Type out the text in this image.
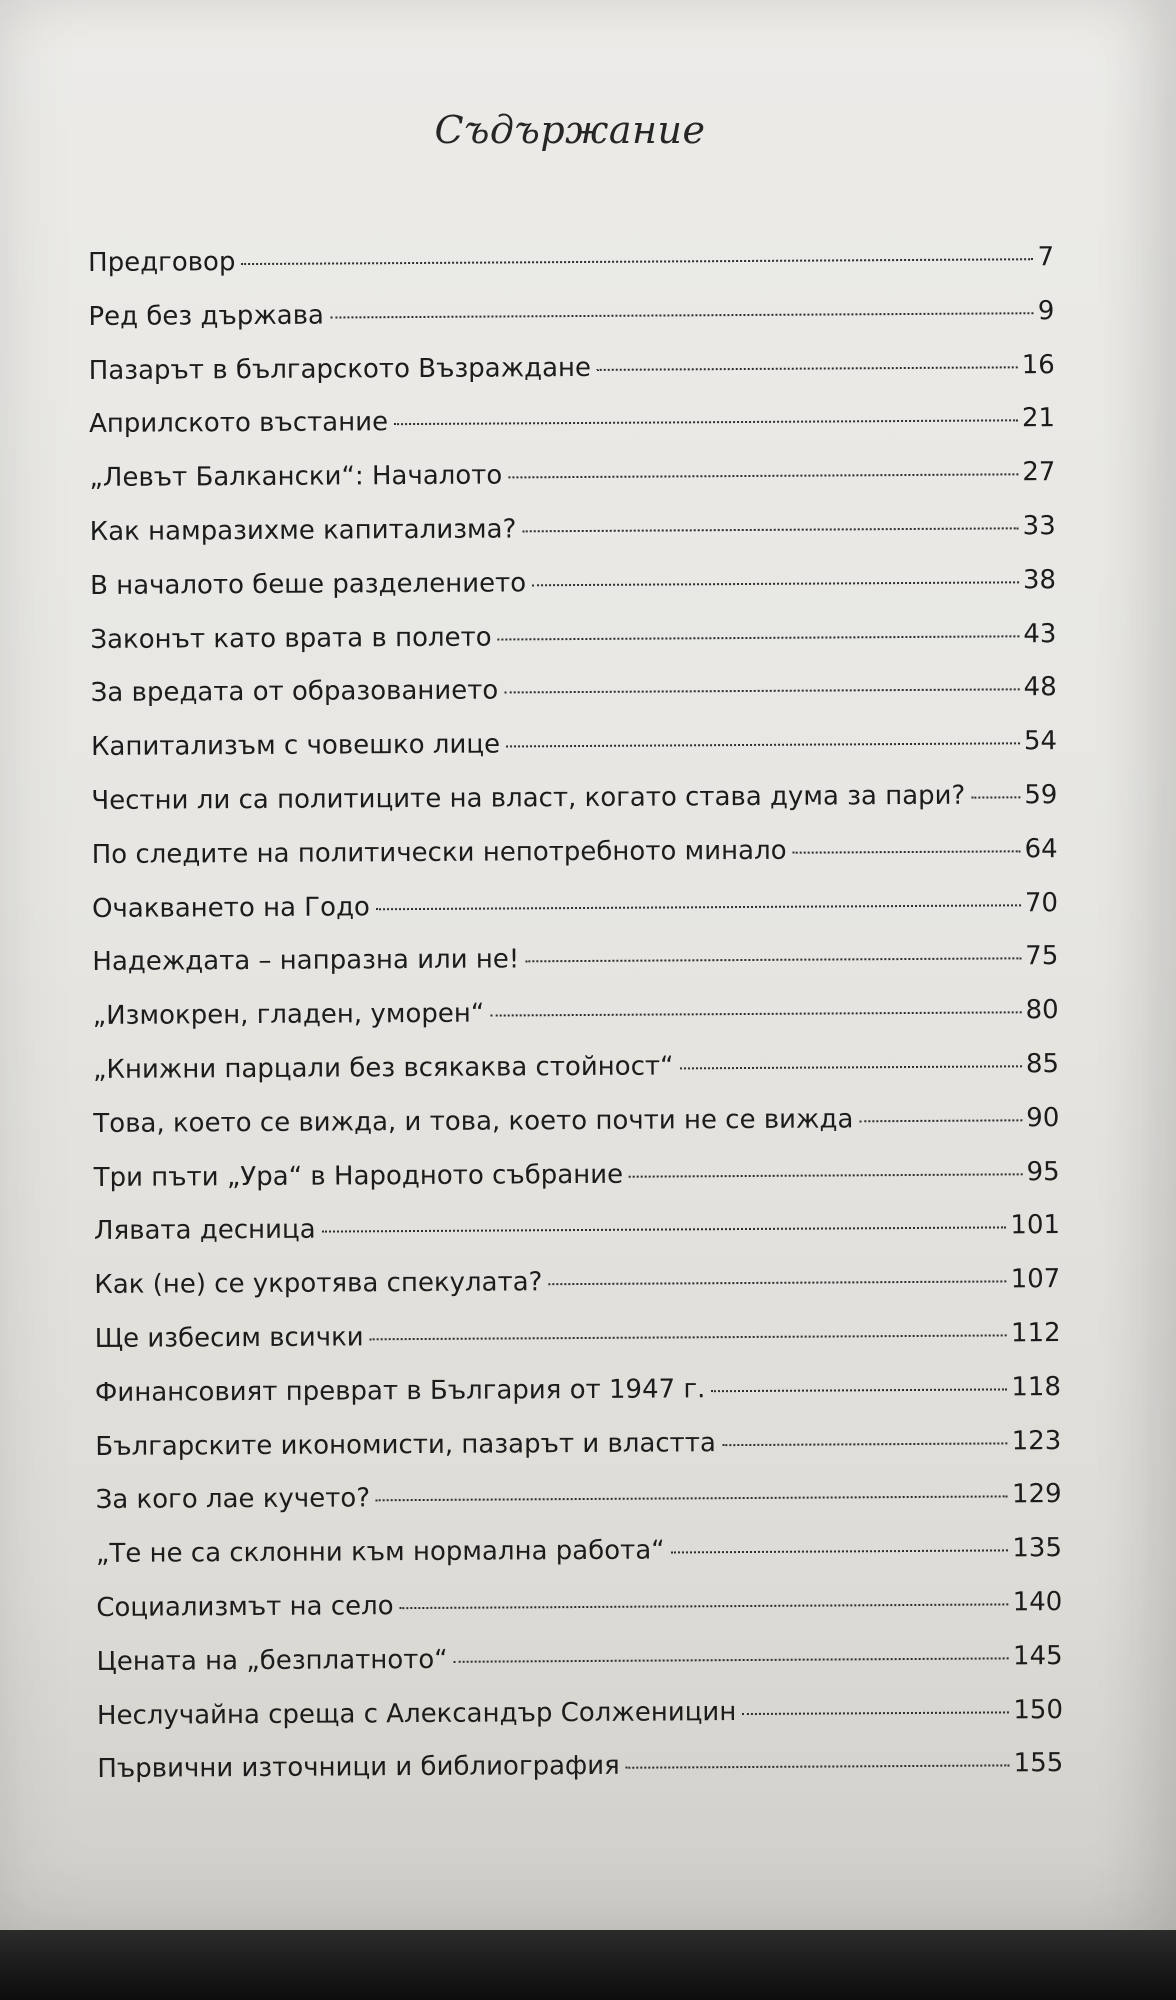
Съдържание
Предговор	7
Ред без държава	9
Пазарът в българското Възраждане	16
Априлското въстание	21
„Левът Балкански“: Началото	27
Как намразихме капитализма?	33
В началото беше разделението	38
Законът като врата в полето	43
За вредата от образованието	48
Капитализъм с човешко лице	54
Честни ли са политиците на власт, когато става дума за пари? 59
По следите на политически непотребното минало	64
Очакването на Годо	70
Надеждата – напразна или не!	75
„Измокрен, гладен, уморен“	80
„Книжни парцали без всякаква стойност“	85
Това, което се вижда, и това, което почти не се вижда	90
Три пъти „Ура“ в Народното събрание	95
Лявата десница	101
Как (не) се укротява спекулата?	107
Ще избесим всички	112
Финансовият преврат в България от 1947 г.	118
Българските икономисти, пазарът и властта	123
За кого лае кучето?	129
„Те не са склонни към нормална работа“	135
Социализмът на село	140
Цената на „безплатното“	145
Неслучайна среща с Александър Солженицин	150
Първични източници и библиография	155
